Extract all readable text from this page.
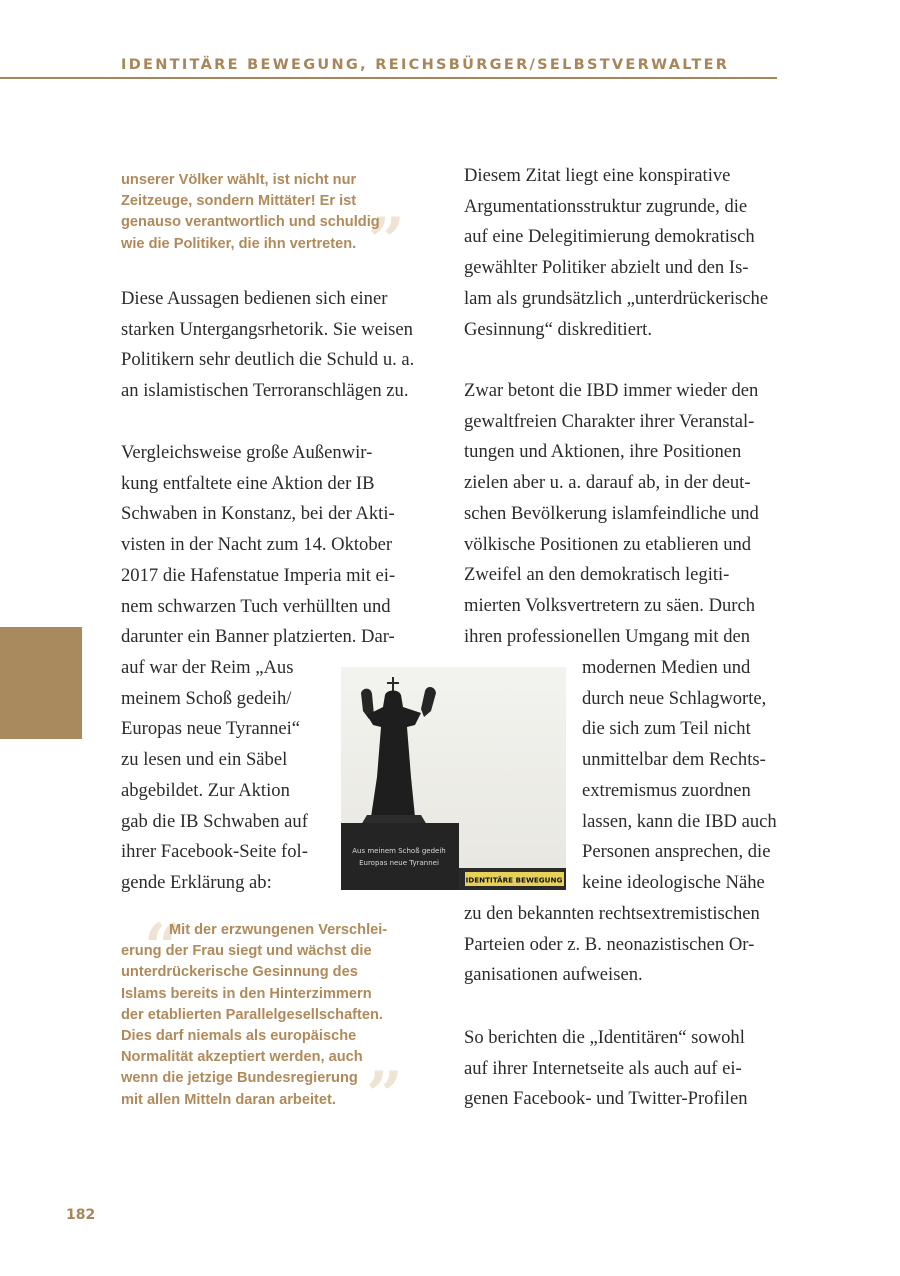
IDENTITÄRE BEWEGUNG, REICHSBÜRGER/SELBSTVERWALTER
”
unserer Völker wählt, ist nicht nur
Zeitzeuge, sondern Mittäter! Er ist
genauso verantwortlich und schuldig
wie die Politiker, die ihn vertreten.
Diese Aussagen bedienen sich einer
starken Untergangsrhetorik. Sie weisen
Politikern sehr deutlich die Schuld u. a.
an islamistischen Terroranschlägen zu.
Vergleichsweise große Außenwir-
kung entfaltete eine Aktion der IB
Schwaben in Konstanz, bei der Akti-
visten in der Nacht zum 14. Oktober
2017 die Hafenstatue Imperia mit ei-
nem schwarzen Tuch verhüllten und
darunter ein Banner platzierten. Dar-
auf war der Reim „Aus
meinem Schoß gedeih/
Europas neue Tyrannei“
zu lesen und ein Säbel
abgebildet. Zur Aktion
gab die IB Schwaben auf
ihrer Facebook-Seite fol-
gende Erklärung ab:
Aus meinem Schoß gedeih
Europas neue Tyrannei
IDENTITÄRE BEWEGUNG
“
”
Mit der erzwungenen Verschlei-
erung der Frau siegt und wächst die
unterdrückerische Gesinnung des
Islams bereits in den Hinterzimmern
der etablierten Parallelgesellschaften.
Dies darf niemals als europäische
Normalität akzeptiert werden, auch
wenn die jetzige Bundesregierung
mit allen Mitteln daran arbeitet.
Diesem Zitat liegt eine konspirative
Argumentationsstruktur zugrunde, die
auf eine Delegitimierung demokratisch
gewählter Politiker abzielt und den Is-
lam als grundsätzlich „unterdrückerische
Gesinnung“ diskreditiert.
Zwar betont die IBD immer wieder den
gewaltfreien Charakter ihrer Veranstal-
tungen und Aktionen, ihre Positionen
zielen aber u. a. darauf ab, in der deut-
schen Bevölkerung islamfeindliche und
völkische Positionen zu etablieren und
Zweifel an den demokratisch legiti-
mierten Volksvertretern zu säen. Durch
ihren professionellen Umgang mit den
modernen Medien und
durch neue Schlagworte,
die sich zum Teil nicht
unmittelbar dem Rechts-
extremismus zuordnen
lassen, kann die IBD auch
Personen ansprechen, die
keine ideologische Nähe
zu den bekannten rechtsextremistischen
Parteien oder z. B. neonazistischen Or-
ganisationen aufweisen.
So berichten die „Identitären“ sowohl
auf ihrer Internetseite als auch auf ei-
genen Facebook- und Twitter-Profilen
182
